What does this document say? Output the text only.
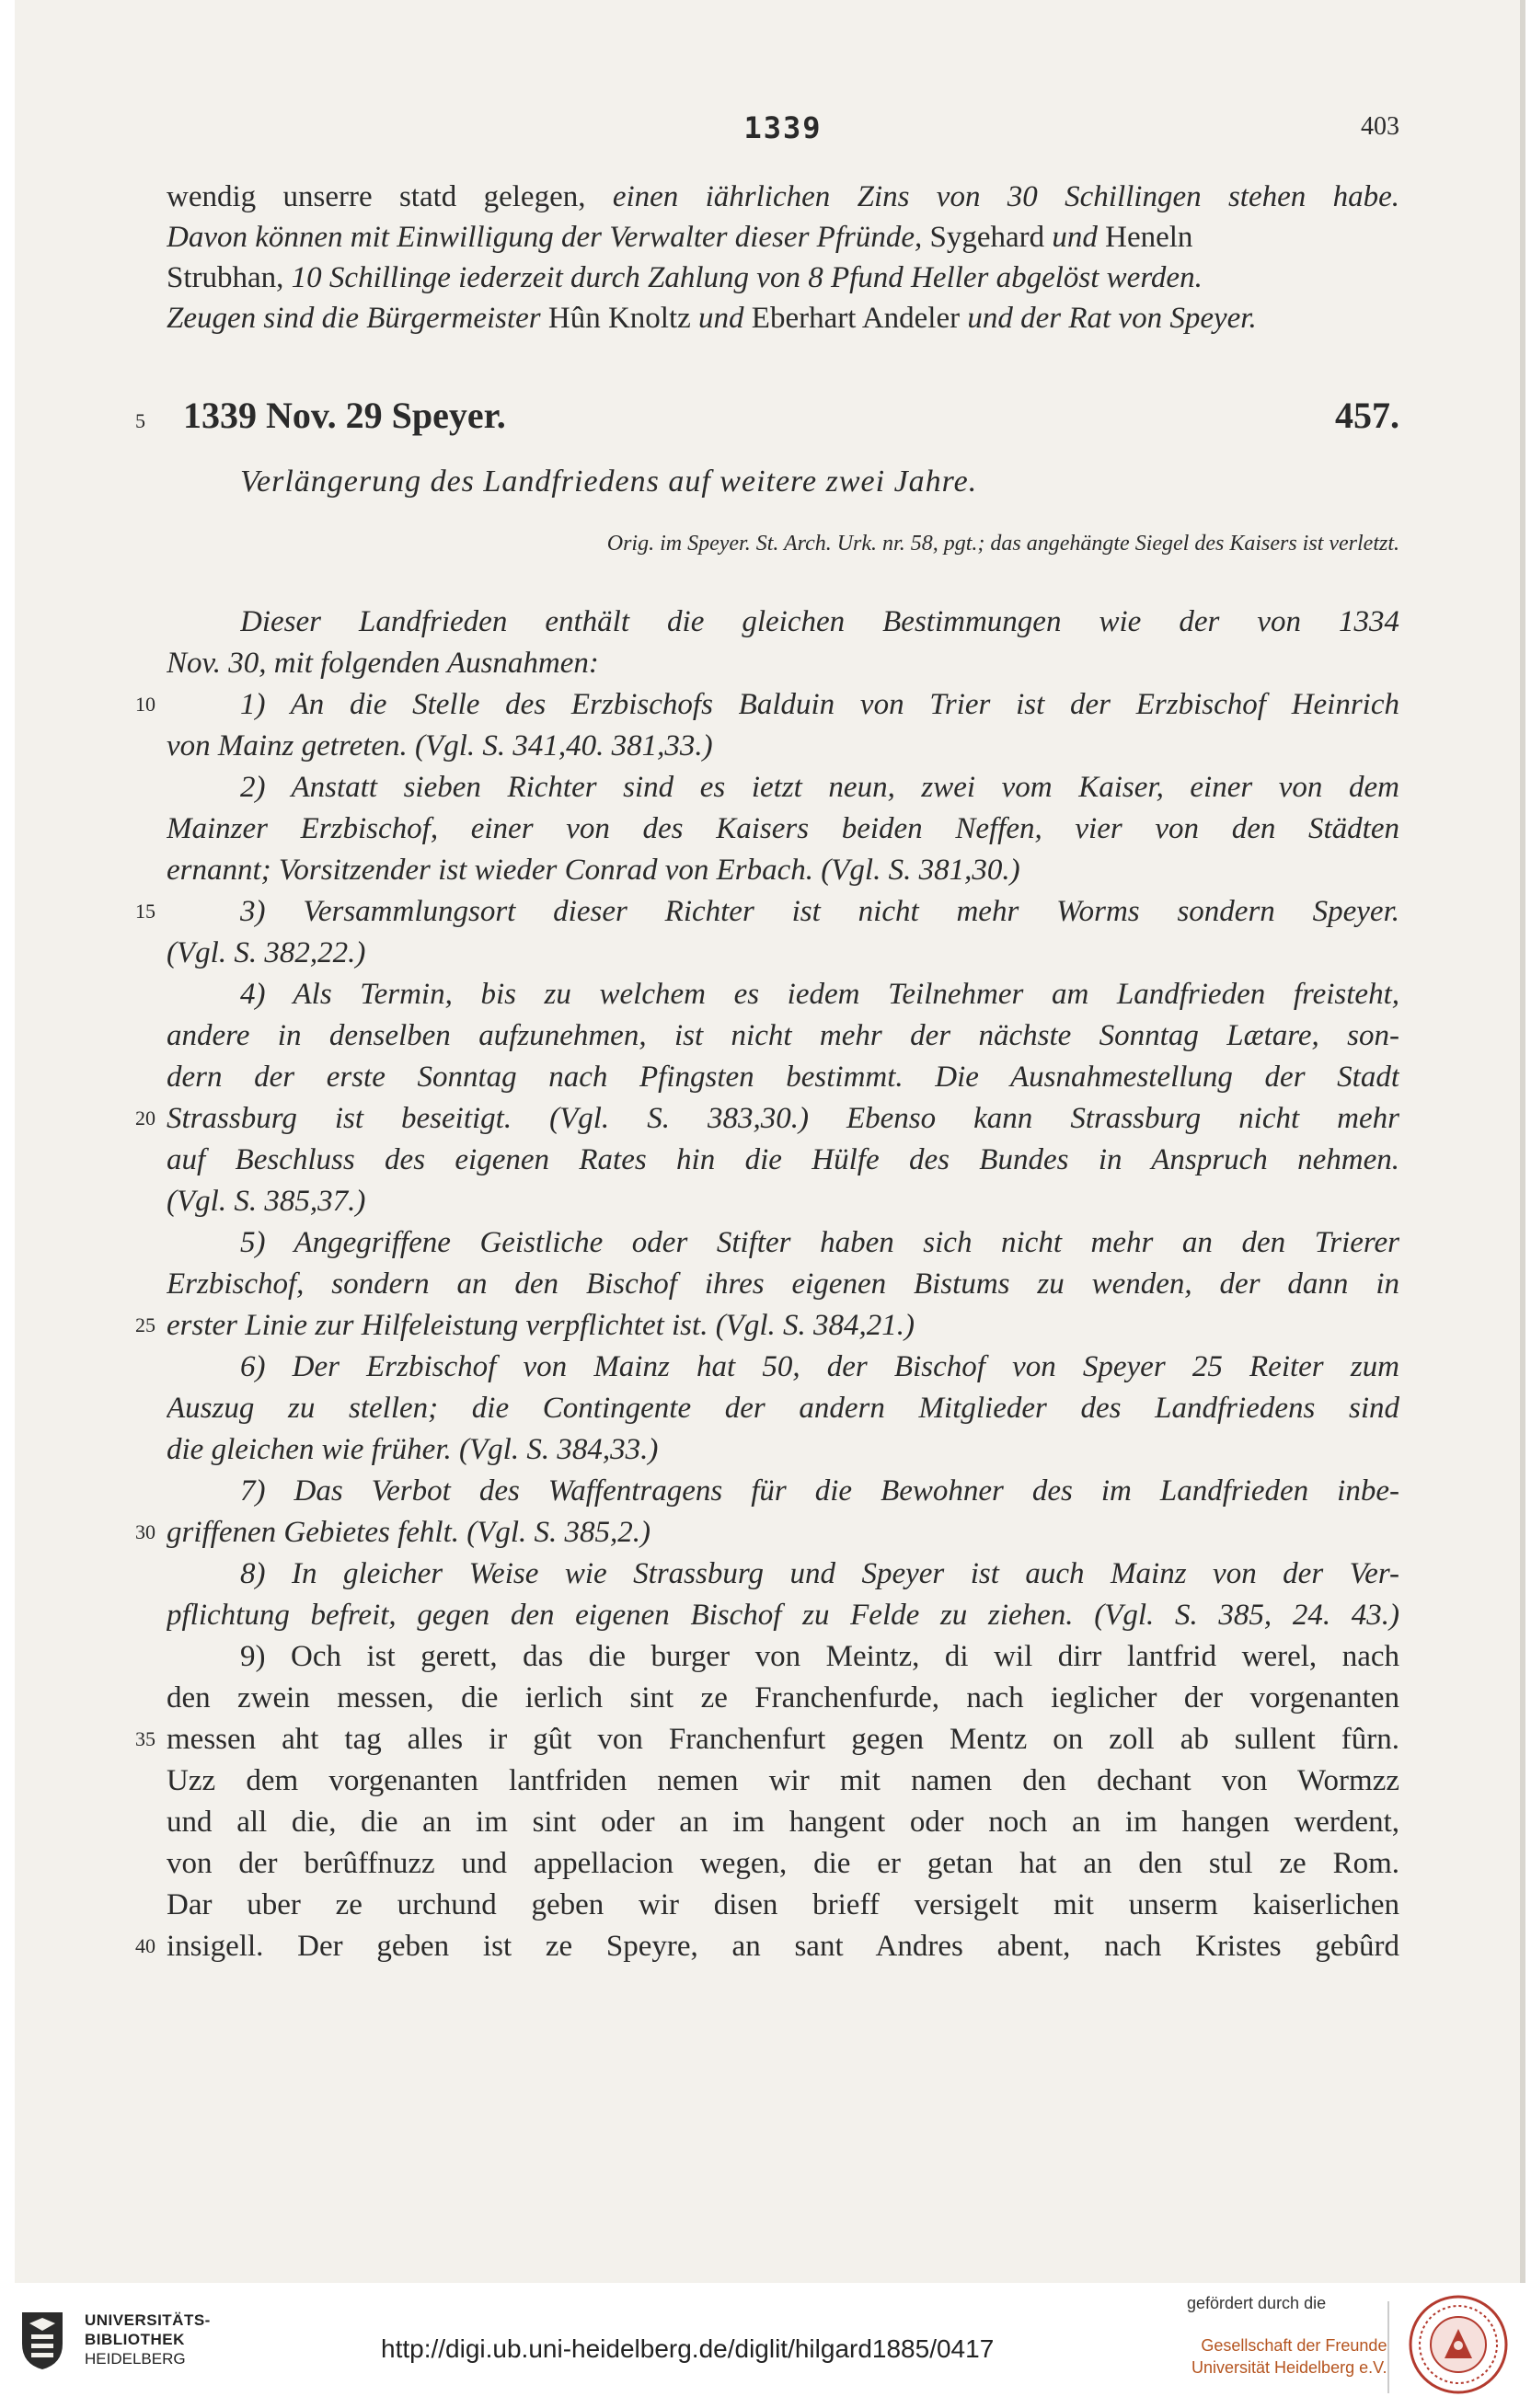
1339	403
wendig unserre statd gelegen, einen iährlichen Zins von 30 Schillingen stehen habe.
Davon können mit Einwilligung der Verwalter dieser Pfründe, Sygehard und Heneln
Strubhan, 10 Schillinge iederzeit durch Zahlung von 8 Pfund Heller abgelöst werden.
Zeugen sind die Bürgermeister Hûn Knoltz und Eberhart Andeler und der Rat von Speyer.
5 1339 Nov. 29 Speyer.	457.
Verlängerung des Landfriedens auf weitere zwei Jahre.
Orig. im Speyer. St. Arch. Urk. nr. 58, pgt.; das angehängte Siegel des Kaisers ist verletzt.
Dieser Landfrieden enthält die gleichen Bestimmungen wie der von 1334
Nov. 30, mit folgenden Ausnahmen:
1) An die Stelle des Erzbischofs Balduin von Trier ist der Erzbischof Heinrich
von Mainz getreten. (Vgl. S. 341,40. 381,33.)
2) Anstatt sieben Richter sind es ietzt neun, zwei vom Kaiser, einer von dem
Mainzer Erzbischof, einer von des Kaisers beiden Neffen, vier von den Städten
ernannt; Vorsitzender ist wieder Conrad von Erbach. (Vgl. S. 381,30.)
3) Versammlungsort dieser Richter ist nicht mehr Worms sondern Speyer.
(Vgl. S. 382,22.)
4) Als Termin, bis zu welchem es iedem Teilnehmer am Landfrieden freisteht,
andere in denselben aufzunehmen, ist nicht mehr der nächste Sonntag Lætare, son-
dern der erste Sonntag nach Pfingsten bestimmt. Die Ausnahmestellung der Stadt
Strassburg ist beseitigt. (Vgl. S. 383,30.) Ebenso kann Strassburg nicht mehr
auf Beschluss des eigenen Rates hin die Hülfe des Bundes in Anspruch nehmen.
(Vgl. S. 385,37.)
5) Angegriffene Geistliche oder Stifter haben sich nicht mehr an den Trierer
Erzbischof, sondern an den Bischof ihres eigenen Bistums zu wenden, der dann in
erster Linie zur Hilfeleistung verpflichtet ist. (Vgl. S. 384,21.)
6) Der Erzbischof von Mainz hat 50, der Bischof von Speyer 25 Reiter zum
Auszug zu stellen; die Contingente der andern Mitglieder des Landfriedens sind
die gleichen wie früher. (Vgl. S. 384,33.)
7) Das Verbot des Waffentragens für die Bewohner des im Landfrieden inbe-
griffenen Gebietes fehlt. (Vgl. S. 385,2.)
8) In gleicher Weise wie Strassburg und Speyer ist auch Mainz von der Ver-
pflichtung befreit, gegen den eigenen Bischof zu Felde zu ziehen. (Vgl. S. 385, 24. 43.)
9) Och ist gerett, das die burger von Meintz, di wil dirr lantfrid werel, nach
den zwein messen, die ierlich sint ze Franchenfurde, nach ieglicher der vorgenanten
messen aht tag alles ir gût von Franchenfurt gegen Mentz on zoll ab sullent fûrn.
Uzz dem vorgenanten lantfriden nemen wir mit namen den dechant von Wormzz
und all die, die an im sint oder an im hangent oder noch an im hangen werdent,
von der berûffnuzz und appellacion wegen, die er getan hat an den stul ze Rom.
Dar uber ze urchund geben wir disen brieff versigelt mit unserm kaiserlichen
insigell. Der geben ist ze Speyre, an sant Andres abent, nach Kristes gebûrd
10
15
20
25
30
35
40
UNIVERSITÄTS-
BIBLIOTHEK
HEIDELBERG	http://digi.ub.uni-heidelberg.de/diglit/hilgard1885/0417
gefördert durch die
Gesellschaft der Freunde
Universität Heidelberg e.V.
